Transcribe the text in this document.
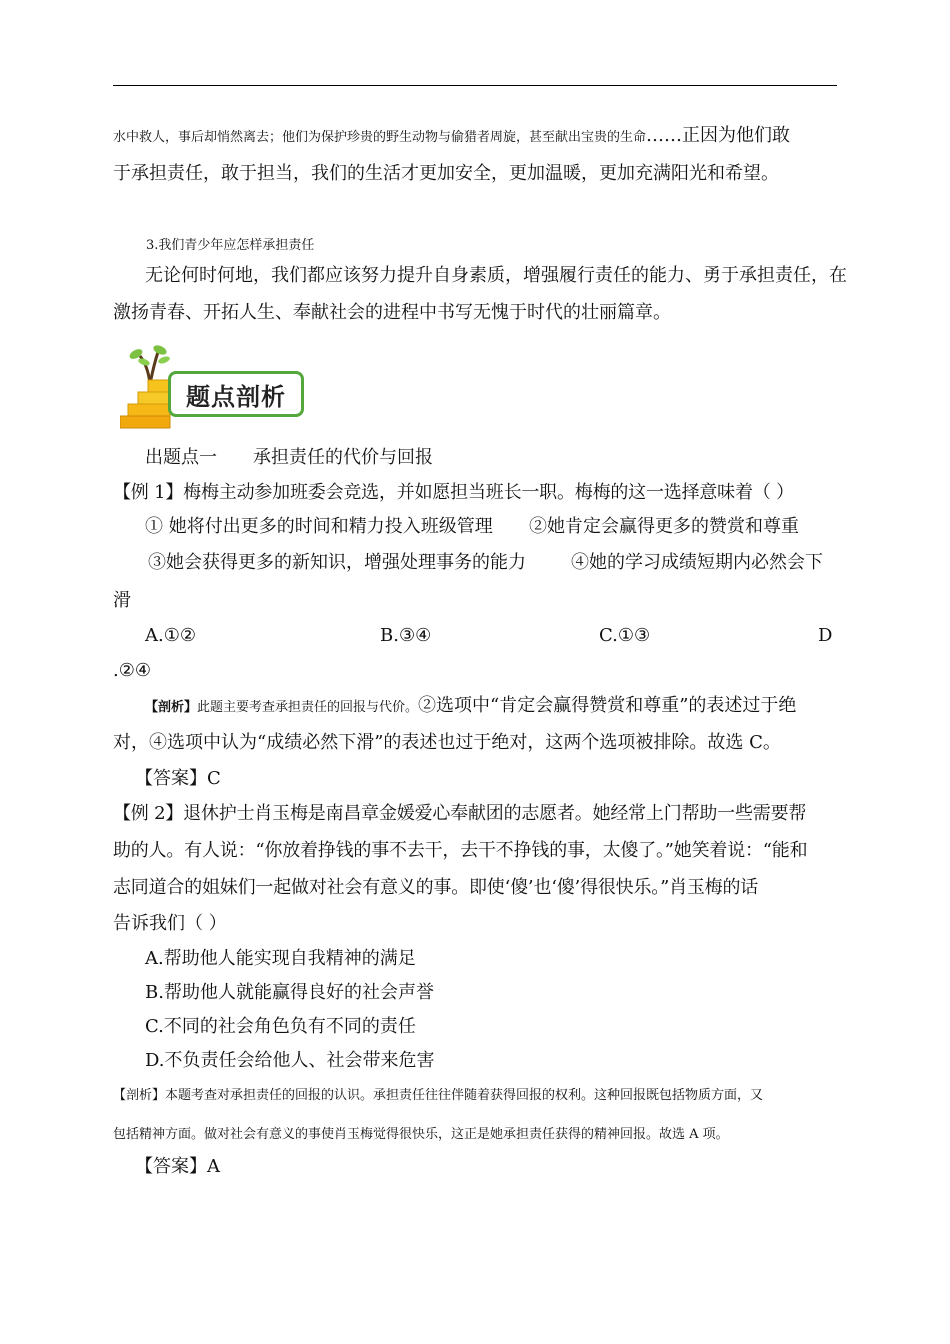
水中救人，事后却悄然离去；他们为保护珍贵的野生动物与偷猎者周旋，甚至献出宝贵的生命……正因为他们敢
于承担责任，敢于担当，我们的生活才更加安全，更加温暖，更加充满阳光和希望。
3.我们青少年应怎样承担责任
无论何时何地，我们都应该努力提升自身素质，增强履行责任的能力、勇于承担责任，在
激扬青春、开拓人生、奉献社会的进程中书写无愧于时代的壮丽篇章。
题点剖析
出题点一 承担责任的代价与回报
【例 1】梅梅主动参加班委会竞选，并如愿担当班长一职。梅梅的这一选择意味着（ ）
① 她将付出更多的时间和精力投入班级管理 ②她肯定会赢得更多的赞赏和尊重
③她会获得更多的新知识，增强处理事务的能力	④她的学习成绩短期内必然会下
滑
A.①②	B.③④	C.①③	D
.②④
【剖析】此题主要考查承担责任的回报与代价。②选项中“肯定会赢得赞赏和尊重”的表述过于绝
对，④选项中认为“成绩必然下滑”的表述也过于绝对，这两个选项被排除。故选 C。
【答案】C
【例 2】退休护士肖玉梅是南昌章金媛爱心奉献团的志愿者。她经常上门帮助一些需要帮
助的人。有人说：“你放着挣钱的事不去干，去干不挣钱的事，太傻了。”她笑着说：“能和
志同道合的姐妹们一起做对社会有意义的事。即使‘傻’也‘傻’得很快乐。”肖玉梅的话
告诉我们（ ）
A.帮助他人能实现自我精神的满足
B.帮助他人就能赢得良好的社会声誉
C.不同的社会角色负有不同的责任
D.不负责任会给他人、社会带来危害
【剖析】本题考查对承担责任的回报的认识。承担责任往往伴随着获得回报的权利。这种回报既包括物质方面，又
包括精神方面。做对社会有意义的事使肖玉梅觉得很快乐，这正是她承担责任获得的精神回报。故选 A 项。
【答案】A
